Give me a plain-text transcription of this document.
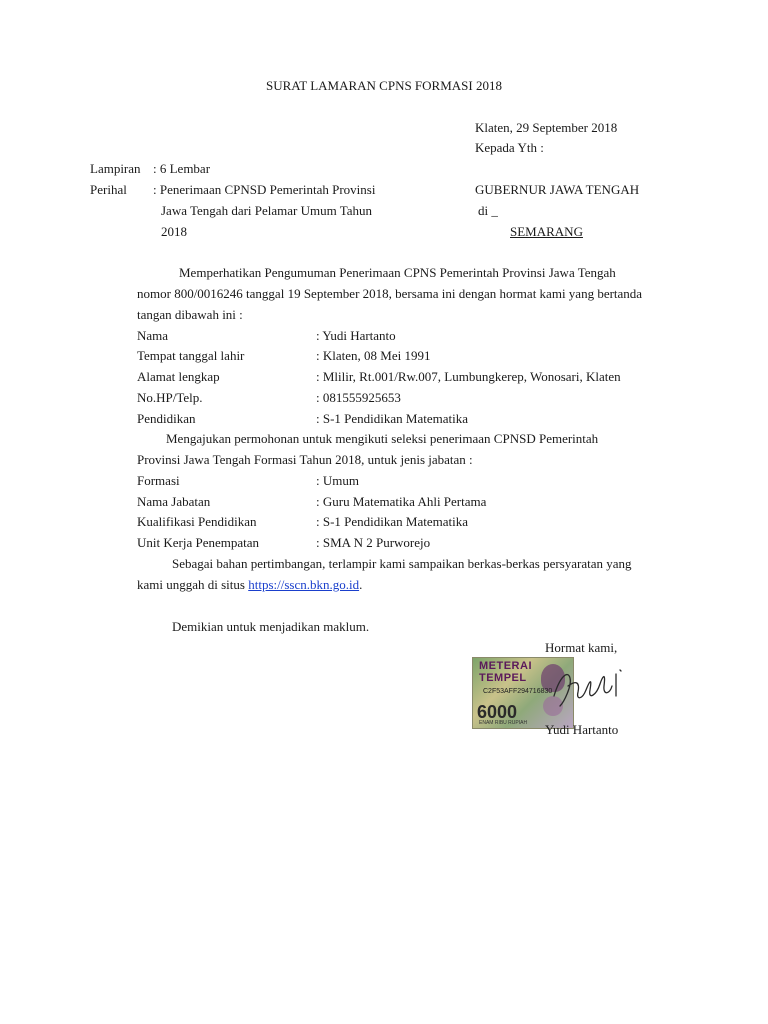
SURAT LAMARAN CPNS FORMASI 2018
Klaten, 29 September 2018
Kepada Yth :
Lampiran : 6 Lembar
Perihal : Penerimaan CPNSD Pemerintah Provinsi
Jawa Tengah dari Pelamar Umum Tahun
2018
GUBERNUR JAWA TENGAH
di _
SEMARANG
Memperhatikan Pengumuman Penerimaan CPNS Pemerintah Provinsi Jawa Tengah
nomor 800/0016246 tanggal 19 September 2018, bersama ini dengan hormat kami yang bertanda
tangan dibawah ini :
Nama	: Yudi Hartanto
Tempat tanggal lahir	: Klaten, 08 Mei 1991
Alamat lengkap	: Mlilir, Rt.001/Rw.007, Lumbungkerep, Wonosari, Klaten
No.HP/Telp.	: 081555925653
Pendidikan	: S-1 Pendidikan Matematika
Mengajukan permohonan untuk mengikuti seleksi penerimaan CPNSD Pemerintah
Provinsi Jawa Tengah Formasi Tahun 2018, untuk jenis jabatan :
Formasi	: Umum
Nama Jabatan	: Guru Matematika Ahli Pertama
Kualifikasi Pendidikan	: S-1 Pendidikan Matematika
Unit Kerja Penempatan	: SMA N 2 Purworejo
Sebagai bahan pertimbangan, terlampir kami sampaikan berkas-berkas persyaratan yang
kami unggah di situs https://sscn.bkn.go.id.
Demikian untuk menjadikan maklum.
Hormat kami,
METERAI
TEMPEL
C2F53AFF294716830
6000
ENAM RIBU RUPIAH Yudi Hartanto
